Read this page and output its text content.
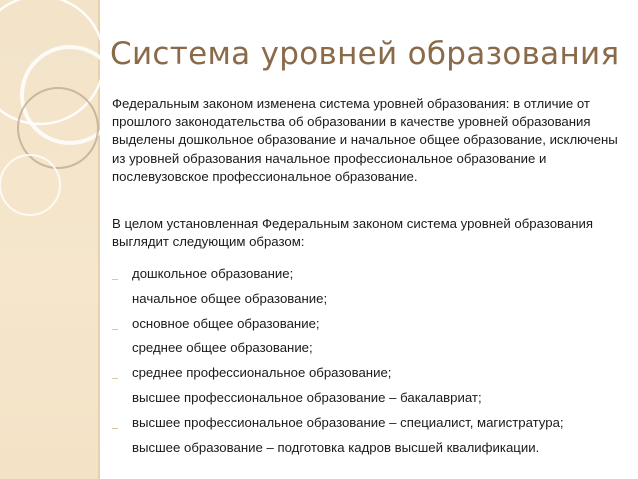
Система уровней образования
Федеральным законом изменена система уровней образования: в отличие от прошлого законодательства об образовании в качестве уровней образования выделены дошкольное образование и начальное общее образование, исключены из уровней образования начальное профессиональное образование и послевузовское профессиональное образование.
В целом установленная Федеральным законом система уровней образования выглядит следующим образом:
дошкольное образование;
начальное общее образование;
основное общее образование;
среднее общее образование;
среднее профессиональное образование;
высшее профессиональное образование – бакалавриат;
высшее профессиональное образование – специалист, магистратура;
высшее образование – подготовка кадров высшей квалификации.
